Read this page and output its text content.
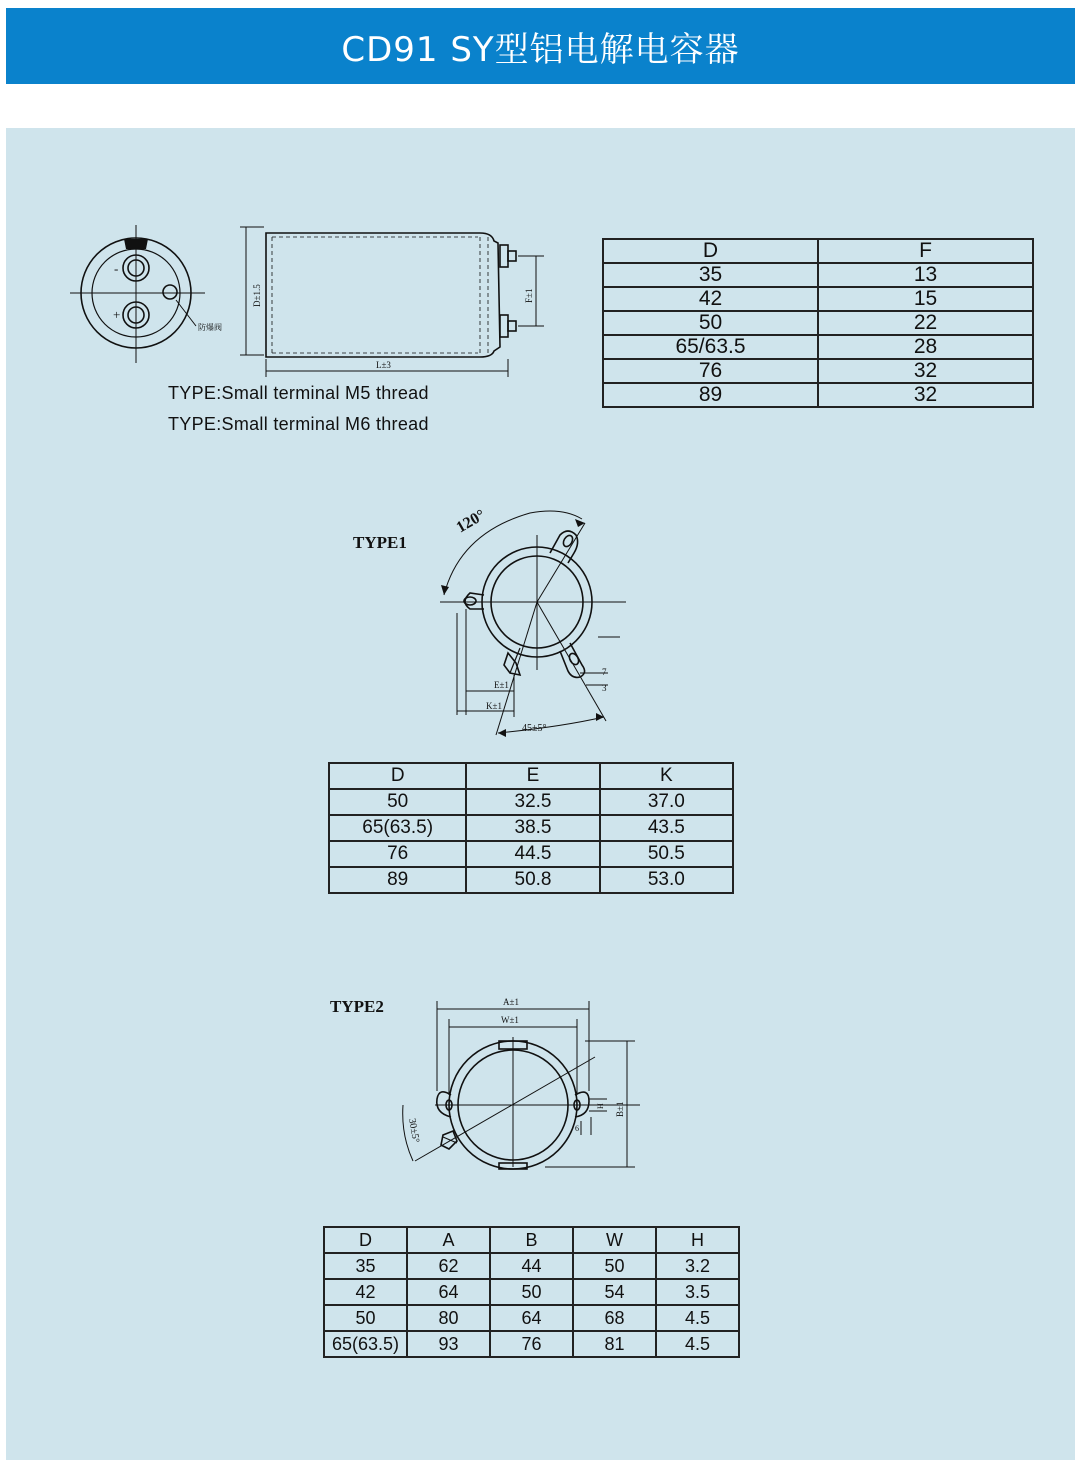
CD91 SY型铝电解电容器
-
+
防爆阀
D±1.5
L±3
F±1
TYPE:Small terminal M5 thread
TYPE:Small terminal M6 thread
D	F
35	13
42	15
50	22
65/63.5	28
76	32
89	32
TYPE1
120°
E±1
K±1
45±5°
7
3
D	E	K
50	32.5	37.0
65(63.5)	38.5	43.5
76	44.5	50.5
89	50.8	53.0
TYPE2	A±1
W±1
B±1
H
6
30±5°
D	A	B	W	H
35	62	44	50	3.2
42	64	50	54	3.5
50	80	64	68	4.5
65(63.5)	93	76	81	4.5
